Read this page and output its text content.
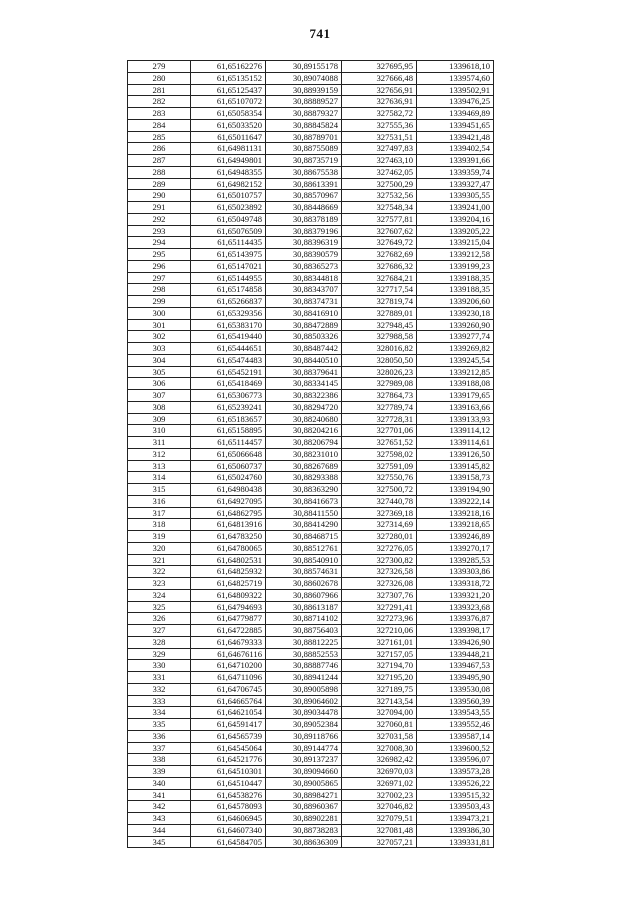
741
279	61,65162276	30,89155178	327695,95	1339618,10
280	61,65135152	30,89074088	327666,48	1339574,60
281	61,65125437	30,88939159	327656,91	1339502,91
282	61,65107072	30,88889527	327636,91	1339476,25
283	61,65058354	30,88879327	327582,72	1339469,89
284	61,65033520	30,88845824	327555,36	1339451,65
285	61,65011647	30,88789701	327531,51	1339421,48
286	61,64981131	30,88755089	327497,83	1339402,54
287	61,64949801	30,88735719	327463,10	1339391,66
288	61,64948355	30,88675538	327462,05	1339359,74
289	61,64982152	30,88613391	327500,29	1339327,47
290	61,65010757	30,88570967	327532,56	1339305,55
291	61,65023892	30,88448669	327548,34	1339241,00
292	61,65049748	30,88378189	327577,81	1339204,16
293	61,65076509	30,88379196	327607,62	1339205,22
294	61,65114435	30,88396319	327649,72	1339215,04
295	61,65143975	30,88390579	327682,69	1339212,58
296	61,65147021	30,88365273	327686,32	1339199,23
297	61,65144955	30,88344818	327684,21	1339188,35
298	61,65174858	30,88343707	327717,54	1339188,35
299	61,65266837	30,88374731	327819,74	1339206,60
300	61,65329356	30,88416910	327889,01	1339230,18
301	61,65383170	30,88472889	327948,45	1339260,90
302	61,65419440	30,88503326	327988,58	1339277,74
303	61,65444651	30,88487442	328016,82	1339269,82
304	61,65474483	30,88440510	328050,50	1339245,54
305	61,65452191	30,88379641	328026,23	1339212,85
306	61,65418469	30,88334145	327989,08	1339188,08
307	61,65306773	30,88322386	327864,73	1339179,65
308	61,65239241	30,88294720	327789,74	1339163,66
309	61,65183657	30,88240680	327728,31	1339133,93
310	61,65158895	30,88204216	327701,06	1339114,12
311	61,65114457	30,88206794	327651,52	1339114,61
312	61,65066648	30,88231010	327598,02	1339126,50
313	61,65060737	30,88267689	327591,09	1339145,82
314	61,65024760	30,88293388	327550,76	1339158,73
315	61,64980438	30,88363290	327500,72	1339194,90
316	61,64927095	30,88416673	327440,78	1339222,14
317	61,64862795	30,88411550	327369,18	1339218,16
318	61,64813916	30,88414290	327314,69	1339218,65
319	61,64783250	30,88468715	327280,01	1339246,89
320	61,64780065	30,88512761	327276,05	1339270,17
321	61,64802531	30,88540910	327300,82	1339285,53
322	61,64825932	30,88574631	327326,58	1339303,86
323	61,64825719	30,88602678	327326,08	1339318,72
324	61,64809322	30,88607966	327307,76	1339321,20
325	61,64794693	30,88613187	327291,41	1339323,68
326	61,64779877	30,88714102	327273,96	1339376,87
327	61,64722885	30,88756403	327210,06	1339398,17
328	61,64679333	30,88812225	327161,01	1339426,90
329	61,64676116	30,88852553	327157,05	1339448,21
330	61,64710200	30,88887746	327194,70	1339467,53
331	61,64711096	30,88941244	327195,20	1339495,90
332	61,64706745	30,89005898	327189,75	1339530,08
333	61,64665764	30,89064602	327143,54	1339560,39
334	61,64621054	30,89034478	327094,00	1339543,55
335	61,64591417	30,89052384	327060,81	1339552,46
336	61,64565739	30,89118766	327031,58	1339587,14
337	61,64545064	30,89144774	327008,30	1339600,52
338	61,64521776	30,89137237	326982,42	1339596,07
339	61,64510301	30,89094660	326970,03	1339573,28
340	61,64510447	30,89005865	326971,02	1339526,22
341	61,64538276	30,88984271	327002,23	1339515,32
342	61,64578093	30,88960367	327046,82	1339503,43
343	61,64606945	30,88902281	327079,51	1339473,21
344	61,64607340	30,88738283	327081,48	1339386,30
345	61,64584705	30,88636309	327057,21	1339331,81
